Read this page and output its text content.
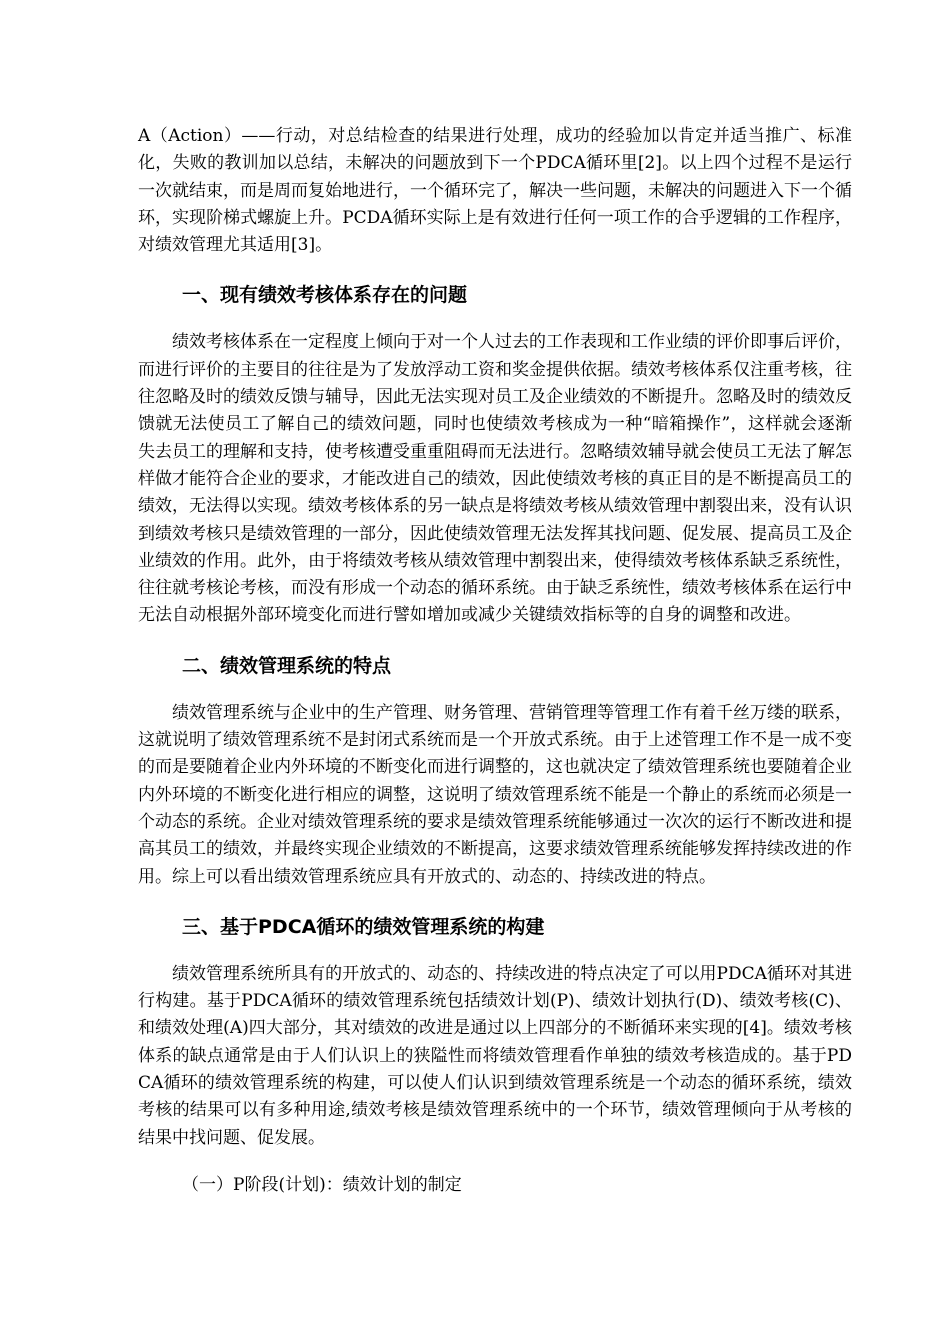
A（Action）——行动，对总结检查的结果进行处理，成功的经验加以肯定并适当推广、标准化，失败的教训加以总结，未解决的问题放到下一个PDCA循环里[2]。以上四个过程不是运行一次就结束，而是周而复始地进行，一个循环完了，解决一些问题，未解决的问题进入下一个循环，实现阶梯式螺旋上升。PCDA循环实际上是有效进行任何一项工作的合乎逻辑的工作程序，对绩效管理尤其适用[3]。

一、现有绩效考核体系存在的问题

绩效考核体系在一定程度上倾向于对一个人过去的工作表现和工作业绩的评价即事后评价，而进行评价的主要目的往往是为了发放浮动工资和奖金提供依据。绩效考核体系仅注重考核，往往忽略及时的绩效反馈与辅导，因此无法实现对员工及企业绩效的不断提升。忽略及时的绩效反馈就无法使员工了解自己的绩效问题，同时也使绩效考核成为一种“暗箱操作”，这样就会逐渐失去员工的理解和支持，使考核遭受重重阻碍而无法进行。忽略绩效辅导就会使员工无法了解怎样做才能符合企业的要求，才能改进自己的绩效，因此使绩效考核的真正目的是不断提高员工的绩效，无法得以实现。绩效考核体系的另一缺点是将绩效考核从绩效管理中割裂出来，没有认识到绩效考核只是绩效管理的一部分，因此使绩效管理无法发挥其找问题、促发展、提高员工及企业绩效的作用。此外，由于将绩效考核从绩效管理中割裂出来，使得绩效考核体系缺乏系统性，往往就考核论考核，而没有形成一个动态的循环系统。由于缺乏系统性，绩效考核体系在运行中无法自动根据外部环境变化而进行譬如增加或减少关键绩效指标等的自身的调整和改进。

二、绩效管理系统的特点

绩效管理系统与企业中的生产管理、财务管理、营销管理等管理工作有着千丝万缕的联系，这就说明了绩效管理系统不是封闭式系统而是一个开放式系统。由于上述管理工作不是一成不变的而是要随着企业内外环境的不断变化而进行调整的，这也就决定了绩效管理系统也要随着企业内外环境的不断变化进行相应的调整，这说明了绩效管理系统不能是一个静止的系统而必须是一个动态的系统。企业对绩效管理系统的要求是绩效管理系统能够通过一次次的运行不断改进和提高其员工的绩效，并最终实现企业绩效的不断提高，这要求绩效管理系统能够发挥持续改进的作用。综上可以看出绩效管理系统应具有开放式的、动态的、持续改进的特点。

三、基于PDCA循环的绩效管理系统的构建

绩效管理系统所具有的开放式的、动态的、持续改进的特点决定了可以用PDCA循环对其进行构建。基于PDCA循环的绩效管理系统包括绩效计划(P)、绩效计划执行(D)、绩效考核(C)、和绩效处理(A)四大部分，其对绩效的改进是通过以上四部分的不断循环来实现的[4]。绩效考核体系的缺点通常是由于人们认识上的狭隘性而将绩效管理看作单独的绩效考核造成的。基于PDCA循环的绩效管理系统的构建，可以使人们认识到绩效管理系统是一个动态的循环系统，绩效考核的结果可以有多种用途,绩效考核是绩效管理系统中的一个环节，绩效管理倾向于从考核的结果中找问题、促发展。

（一）P阶段(计划)：绩效计划的制定
